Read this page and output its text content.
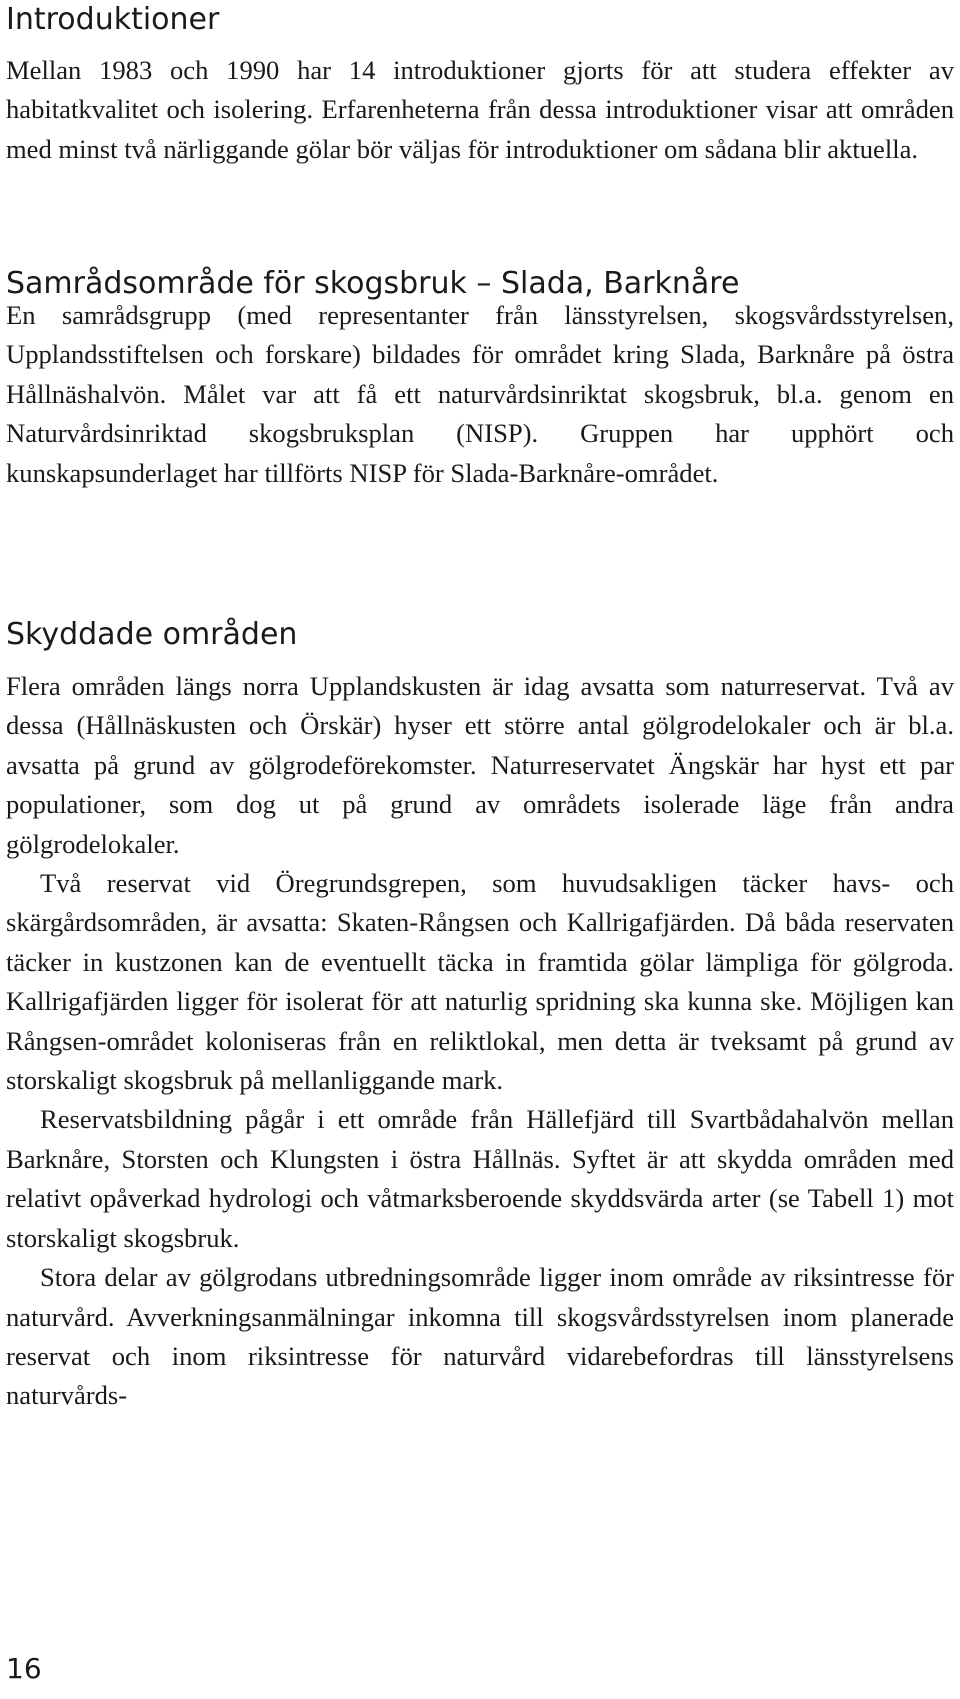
Introduktioner

Mellan 1983 och 1990 har 14 introduktioner gjorts för att studera effekter av habitatkvalitet och isolering. Erfarenheterna från dessa introduktioner visar att områden med minst två närliggande gölar bör väljas för introduktioner om sådana blir aktuella.

Samrådsområde för skogsbruk – Slada, Barknåre

En samrådsgrupp (med representanter från länsstyrelsen, skogsvårdsstyrelsen, Upplandsstiftelsen och forskare) bildades för området kring Slada, Barknåre på östra Hållnäshalvön. Målet var att få ett naturvårdsinriktat skogsbruk, bl.a. genom en Naturvårdsinriktad skogsbruksplan (NISP). Gruppen har upphört och kunskapsunderlaget har tillförts NISP för Slada-Barknåre-området.

Skyddade områden

Flera områden längs norra Upplandskusten är idag avsatta som naturreservat. Två av dessa (Hållnäskusten och Örskär) hyser ett större antal gölgrodelokaler och är bl.a. avsatta på grund av gölgrodeförekomster. Naturreservatet Ängskär har hyst ett par populationer, som dog ut på grund av områdets isolerade läge från andra gölgrodelokaler.

Två reservat vid Öregrundsgrepen, som huvudsakligen täcker havs- och skärgårdsområden, är avsatta: Skaten-Rångsen och Kallrigafjärden. Då båda reservaten täcker in kustzonen kan de eventuellt täcka in framtida gölar lämpliga för gölgroda. Kallrigafjärden ligger för isolerat för att naturlig spridning ska kunna ske. Möjligen kan Rångsen-området koloniseras från en reliktlokal, men detta är tveksamt på grund av storskaligt skogsbruk på mellanliggande mark.

Reservatsbildning pågår i ett område från Hällefjärd till Svartbådahalvön mellan Barknåre, Storsten och Klungsten i östra Hållnäs. Syftet är att skydda områden med relativt opåverkad hydrologi och våtmarksberoende skyddsvärda arter (se Tabell 1) mot storskaligt skogsbruk.

Stora delar av gölgrodans utbredningsområde ligger inom område av riksintresse för naturvård. Avverkningsanmälningar inkomna till skogsvårdsstyrelsen inom planerade reservat och inom riksintresse för naturvård vidarebefordras till länsstyrelsens naturvårds-

16
